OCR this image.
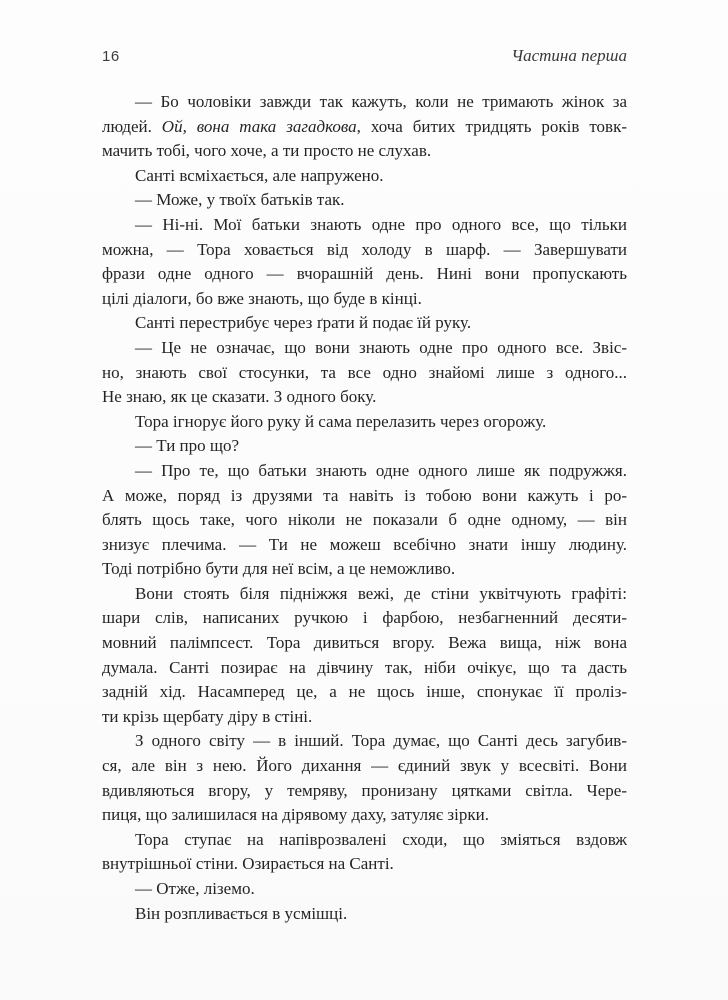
16	Частина перша
— Бо чоловіки завжди так кажуть, коли не тримають жінок за
людей. Ой, вона така загадкова, хоча битих тридцять років товк-
мачить тобі, чого хоче, а ти просто не слухав.
Санті всміхається, але напружено.
— Може, у твоїх батьків так.
— Ні-ні. Мої батьки знають одне про одного все, що тільки
можна, — Тора ховається від холоду в шарф. — Завершувати
фрази одне одного — вчорашній день. Нині вони пропускають
цілі діалоги, бо вже знають, що буде в кінці.
Санті перестрибує через ґрати й подає їй руку.
— Це не означає, що вони знають одне про одного все. Звіс-
но, знають свої стосунки, та все одно знайомі лише з одного...
Не знаю, як це сказати. З одного боку.
Тора ігнорує його руку й сама перелазить через огорожу.
— Ти про що?
— Про те, що батьки знають одне одного лише як подружжя.
А може, поряд із друзями та навіть із тобою вони кажуть і ро-
блять щось таке, чого ніколи не показали б одне одному, — він
знизує плечима. — Ти не можеш всебічно знати іншу людину.
Тоді потрібно бути для неї всім, а це неможливо.
Вони стоять біля підніжжя вежі, де стіни уквітчують графіті:
шари слів, написаних ручкою і фарбою, незбагненний десяти-
мовний палімпсест. Тора дивиться вгору. Вежа вища, ніж вона
думала. Санті позирає на дівчину так, ніби очікує, що та дасть
задній хід. Насамперед це, а не щось інше, спонукає її проліз-
ти крізь щербату діру в стіні.
З одного світу — в інший. Тора думає, що Санті десь загубив-
ся, але він з нею. Його дихання — єдиний звук у всесвіті. Вони
вдивляються вгору, у темряву, пронизану цятками світла. Чере-
пиця, що залишилася на дірявому даху, затуляє зірки.
Тора ступає на напіврозвалені сходи, що зміяться вздовж
внутрішньої стіни. Озирається на Санті.
— Отже, ліземо.
Він розпливається в усмішці.
